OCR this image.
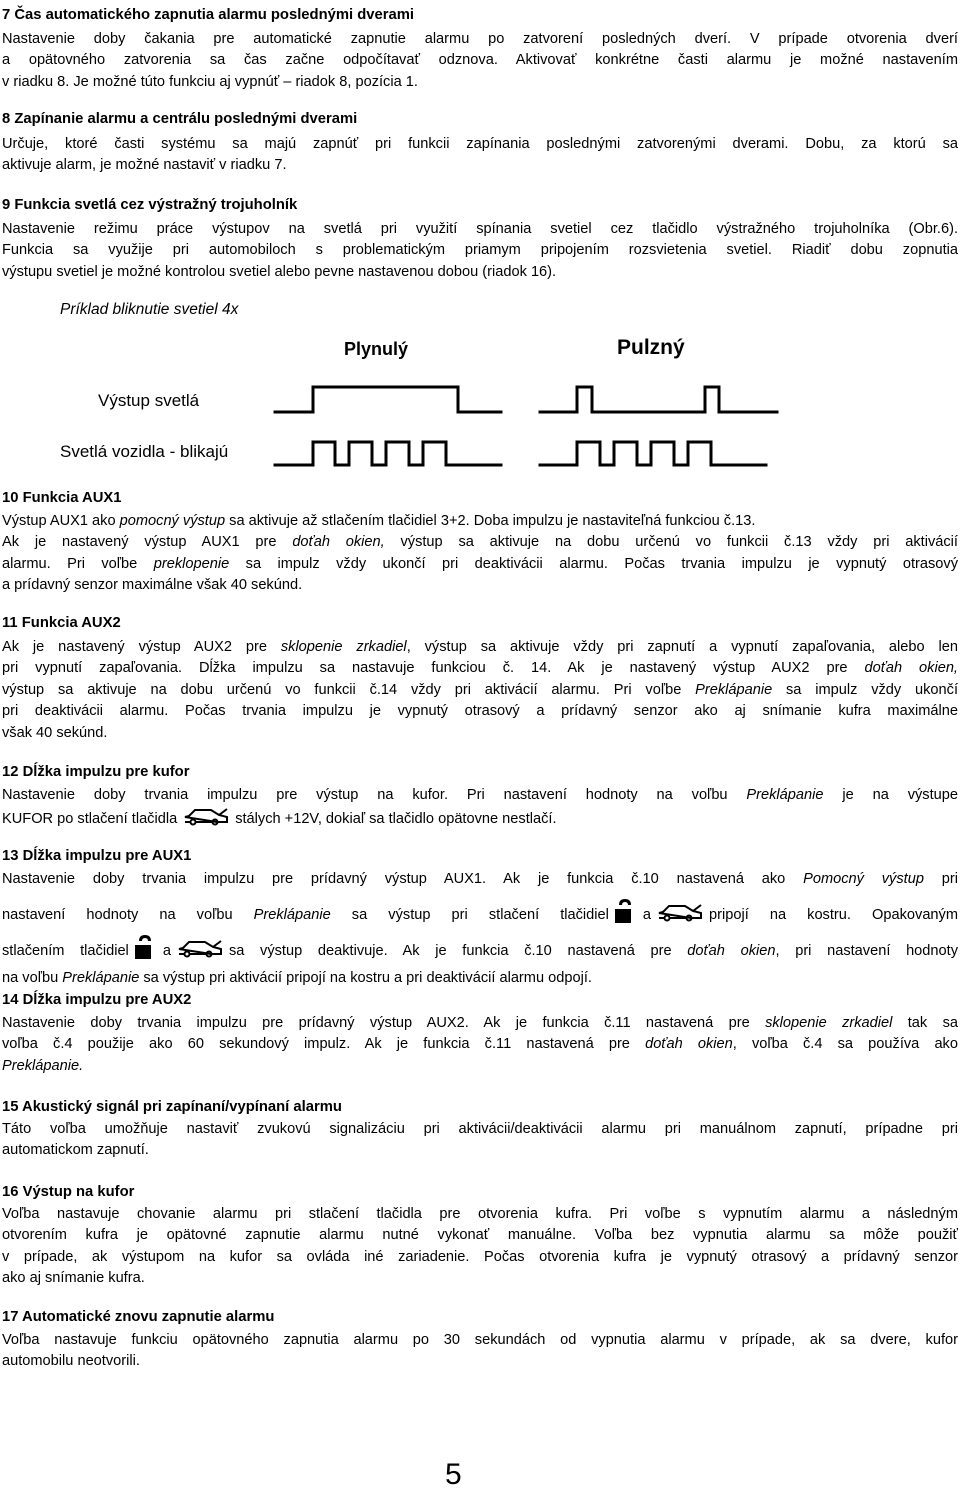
7 Čas automatického zapnutia alarmu poslednými dverami
Nastavenie doby čakania pre automatické zapnutie alarmu po zatvorení posledných dverí. V prípade otvorenia dverí
a opätovného zatvorenia sa čas začne odpočítavať odznova. Aktivovať konkrétne časti alarmu je možné nastavením
v riadku 8. Je možné túto funkciu aj vypnúť – riadok 8, pozícia 1.
8 Zapínanie alarmu a centrálu poslednými dverami
Určuje, ktoré časti systému sa majú zapnúť pri funkcii zapínania poslednými zatvorenými dverami. Dobu, za ktorú sa
aktivuje alarm, je možné nastaviť v riadku 7.
9 Funkcia svetlá cez výstražný trojuholník
Nastavenie režimu práce výstupov na svetlá pri využití spínania svetiel cez tlačidlo výstražného trojuholníka (Obr.6).
Funkcia sa využije pri automobiloch s problematickým priamym pripojením rozsvietenia svetiel. Riadiť dobu zopnutia
výstupu svetiel je možné kontrolou svetiel alebo pevne nastavenou dobou (riadok 16).
Príklad bliknutie svetiel 4x
Plynulý	Pulzný
Výstup svetlá
Svetlá vozidla - blikajú
10 Funkcia AUX1
Výstup AUX1 ako pomocný výstup sa aktivuje až stlačením tlačidiel 3+2. Doba impulzu je nastaviteľná funkciou č.13.
Ak je nastavený výstup AUX1 pre doťah okien, výstup sa aktivuje na dobu určenú vo funkcii č.13 vždy pri aktivácií
alarmu. Pri voľbe preklopenie sa impulz vždy ukončí pri deaktivácii alarmu. Počas trvania impulzu je vypnutý otrasový
a prídavný senzor maximálne však 40 sekúnd.
11 Funkcia AUX2
Ak je nastavený výstup AUX2 pre sklopenie zrkadiel, výstup sa aktivuje vždy pri zapnutí a vypnutí zapaľovania, alebo len
pri vypnutí zapaľovania. Dĺžka impulzu sa nastavuje funkciou č. 14. Ak je nastavený výstup AUX2 pre doťah okien,
výstup sa aktivuje na dobu určenú vo funkcii č.14 vždy pri aktivácií alarmu. Pri voľbe Preklápanie sa impulz vždy ukončí
pri deaktivácii alarmu. Počas trvania impulzu je vypnutý otrasový a prídavný senzor ako aj snímanie kufra maximálne
však 40 sekúnd.
12 Dĺžka impulzu pre kufor
Nastavenie doby trvania impulzu pre výstup na kufor. Pri nastavení hodnoty na voľbu Preklápanie je na výstupe
KUFOR po stlačení tlačidla	stálych +12V, dokiaľ sa tlačidlo opätovne nestlačí.
13 Dĺžka impulzu pre AUX1
Nastavenie doby trvania impulzu pre prídavný výstup AUX1. Ak je funkcia č.10 nastavená ako Pomocný výstup pri
nastavení hodnoty na voľbu Preklápanie sa výstup pri stlačení tlačidiel a	pripojí na kostru. Opakovaným
stlačením tlačidiel a	sa výstup deaktivuje. Ak je funkcia č.10 nastavená pre doťah okien, pri nastavení hodnoty
na voľbu Preklápanie sa výstup pri aktivácií pripojí na kostru a pri deaktivácií alarmu odpojí.
14 Dĺžka impulzu pre AUX2
Nastavenie doby trvania impulzu pre prídavný výstup AUX2. Ak je funkcia č.11 nastavená pre sklopenie zrkadiel tak sa
voľba č.4 použije ako 60 sekundový impulz. Ak je funkcia č.11 nastavená pre doťah okien, voľba č.4 sa používa ako
Preklápanie.
15 Akustický signál pri zapínaní/vypínaní alarmu
Táto voľba umožňuje nastaviť zvukovú signalizáciu pri aktivácii/deaktivácii alarmu pri manuálnom zapnutí, prípadne pri
automatickom zapnutí.
16 Výstup na kufor
Voľba nastavuje chovanie alarmu pri stlačení tlačidla pre otvorenia kufra. Pri voľbe s vypnutím alarmu a následným
otvorením kufra je opätovné zapnutie alarmu nutné vykonať manuálne. Voľba bez vypnutia alarmu sa môže použiť
v prípade, ak výstupom na kufor sa ovláda iné zariadenie. Počas otvorenia kufra je vypnutý otrasový a prídavný senzor
ako aj snímanie kufra.
17 Automatické znovu zapnutie alarmu
Voľba nastavuje funkciu opätovného zapnutia alarmu po 30 sekundách od vypnutia alarmu v prípade, ak sa dvere, kufor
automobilu neotvorili.
5
